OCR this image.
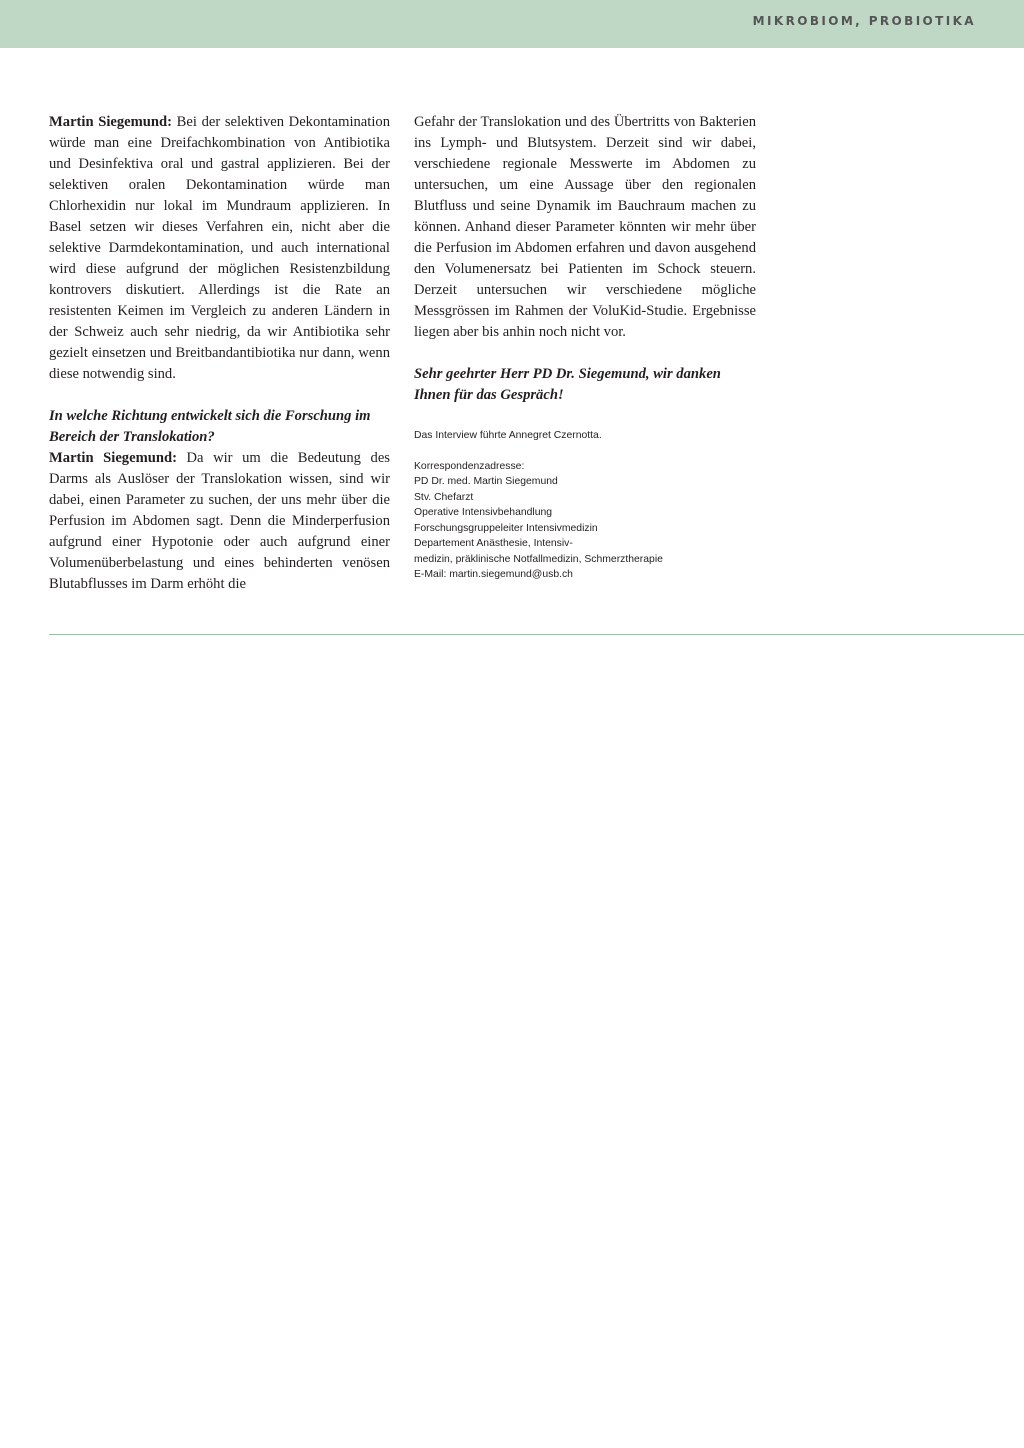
MIKROBIOM, PROBIOTIKA

Martin Siegemund: Bei der selektiven Dekontamination würde man eine Dreifachkombination von Antibiotika und Desinfektiva oral und gastral applizieren. Bei der selektiven oralen Dekontamination würde man Chlorhexidin nur lokal im Mundraum applizieren. In Basel setzen wir dieses Verfahren ein, nicht aber die selektive Darmdekontamination, und auch international wird diese aufgrund der möglichen Resistenzbildung kontrovers diskutiert. Allerdings ist die Rate an resistenten Keimen im Vergleich zu anderen Ländern in der Schweiz auch sehr niedrig, da wir Antibiotika sehr gezielt einsetzen und Breitbandantibiotika nur dann, wenn diese notwendig sind.

In welche Richtung entwickelt sich die Forschung im Bereich der Translokation?

Martin Siegemund: Da wir um die Bedeutung des Darms als Auslöser der Translokation wissen, sind wir dabei, einen Parameter zu suchen, der uns mehr über die Perfusion im Abdomen sagt. Denn die Minderperfusion aufgrund einer Hypotonie oder auch aufgrund einer Volumenüberbelastung und eines behinderten venösen Blutabflusses im Darm erhöht die

Gefahr der Translokation und des Übertritts von Bakterien ins Lymph- und Blutsystem. Derzeit sind wir dabei, verschiedene regionale Messwerte im Abdomen zu untersuchen, um eine Aussage über den regionalen Blutfluss und seine Dynamik im Bauchraum machen zu können. Anhand dieser Parameter könnten wir mehr über die Perfusion im Abdomen erfahren und davon ausgehend den Volumenersatz bei Patienten im Schock steuern. Derzeit untersuchen wir verschiedene mögliche Messgrössen im Rahmen der VoluKid-Studie. Ergebnisse liegen aber bis anhin noch nicht vor.

Sehr geehrter Herr PD Dr. Siegemund, wir danken Ihnen für das Gespräch!

Das Interview führte Annegret Czernotta.

Korrespondenzadresse:
PD Dr. med. Martin Siegemund
Stv. Chefarzt
Operative Intensivbehandlung
Forschungsgruppeleiter Intensivmedizin
Departement Anästhesie, Intensiv-
medizin, präklinische Notfallmedizin, Schmerztherapie
E-Mail: martin.siegemund@usb.ch
